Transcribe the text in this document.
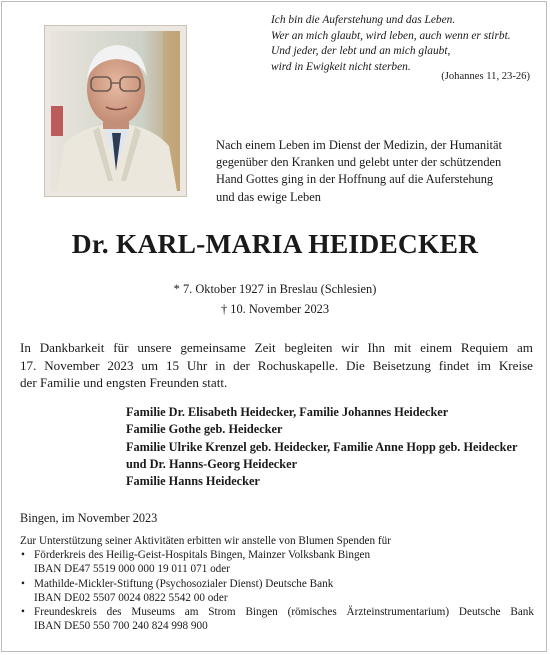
Ich bin die Auferstehung und das Leben.
Wer an mich glaubt, wird leben, auch wenn er stirbt.
Und jeder, der lebt und an mich glaubt,
wird in Ewigkeit nicht sterben.
(Johannes 11, 23-26)
Nach einem Leben im Dienst der Medizin, der Humanität
gegenüber den Kranken und gelebt unter der schützenden
Hand Gottes ging in der Hoffnung auf die Auferstehung
und das ewige Leben
Dr. KARL-MARIA HEIDECKER
* 7. Oktober 1927 in Breslau (Schlesien)
† 10. November 2023
In Dankbarkeit für unsere gemeinsame Zeit begleiten wir Ihn mit einem Requiem am
17. November 2023 um 15 Uhr in der Rochuskapelle. Die Beisetzung findet im Kreise
der Familie und engsten Freunden statt.
Familie Dr. Elisabeth Heidecker, Familie Johannes Heidecker
Familie Gothe geb. Heidecker
Familie Ulrike Krenzel geb. Heidecker, Familie Anne Hopp geb. Heidecker
und Dr. Hanns-Georg Heidecker
Familie Hanns Heidecker
Bingen, im November 2023
Zur Unterstützung seiner Aktivitäten erbitten wir anstelle von Blumen Spenden für
• Förderkreis des Heilig-Geist-Hospitals Bingen, Mainzer Volksbank Bingen
IBAN DE47 5519 000 000 19 011 071 oder
• Mathilde-Mickler-Stiftung (Psychosozialer Dienst) Deutsche Bank
IBAN DE02 5507 0024 0822 5542 00 oder
• Freundeskreis des Museums am Strom Bingen (römisches Ärzteinstrumentarium) Deutsche Bank
IBAN DE50 550 700 240 824 998 900
